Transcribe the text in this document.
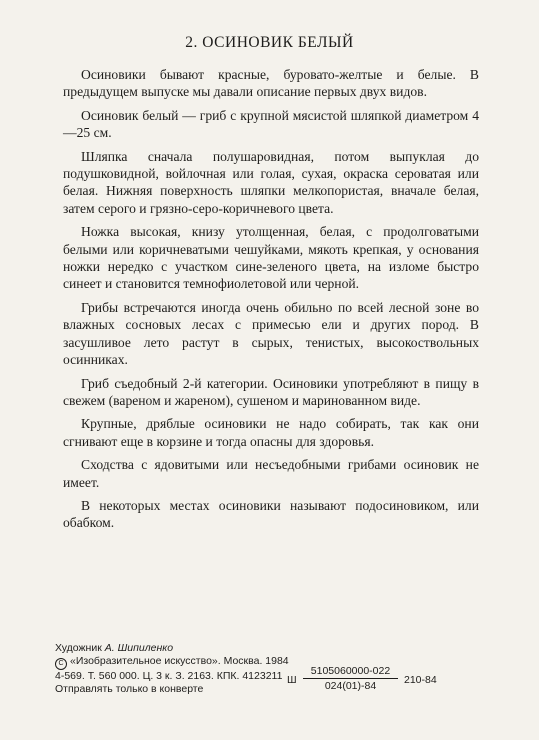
2. ОСИНОВИК БЕЛЫЙ

Осиновики бывают красные, буровато-желтые и белые. В предыдущем выпуске мы давали описание первых двух видов.

Осиновик белый — гриб с крупной мясистой шляпкой диаметром 4—25 см.

Шляпка сначала полушаровидная, потом выпуклая до подушковидной, войлочная или голая, сухая, окраска сероватая или белая. Нижняя поверхность шляпки мелкопористая, вначале белая, затем серого и грязно-серо-коричневого цвета.

Ножка высокая, книзу утолщенная, белая, с продолговатыми белыми или коричневатыми чешуйками, мякоть крепкая, у основания ножки нередко с участком сине-зеленого цвета, на изломе быстро синеет и становится темнофиолетовой или черной.

Грибы встречаются иногда очень обильно по всей лесной зоне во влажных сосновых лесах с примесью ели и других пород. В засушливое лето растут в сырых, тенистых, высокоствольных осинниках.

Гриб съедобный 2-й категории. Осиновики употребляют в пищу в свежем (вареном и жареном), сушеном и маринованном виде.

Крупные, дряблые осиновики не надо собирать, так как они сгнивают еще в корзине и тогда опасны для здоровья.

Сходства с ядовитыми или несъедобными грибами осиновик не имеет.

В некоторых местах осиновики называют подосиновиком, или обабком.

Художник А. Шипиленко
С «Изобразительное искусство». Москва. 1984
4-569. Т. 560 000. Ц. 3 к. З. 2163. КПК. 4123211
Отправлять только в конверте
Ш $\frac{5105060000-022}{024(01)-84} 210-84$
